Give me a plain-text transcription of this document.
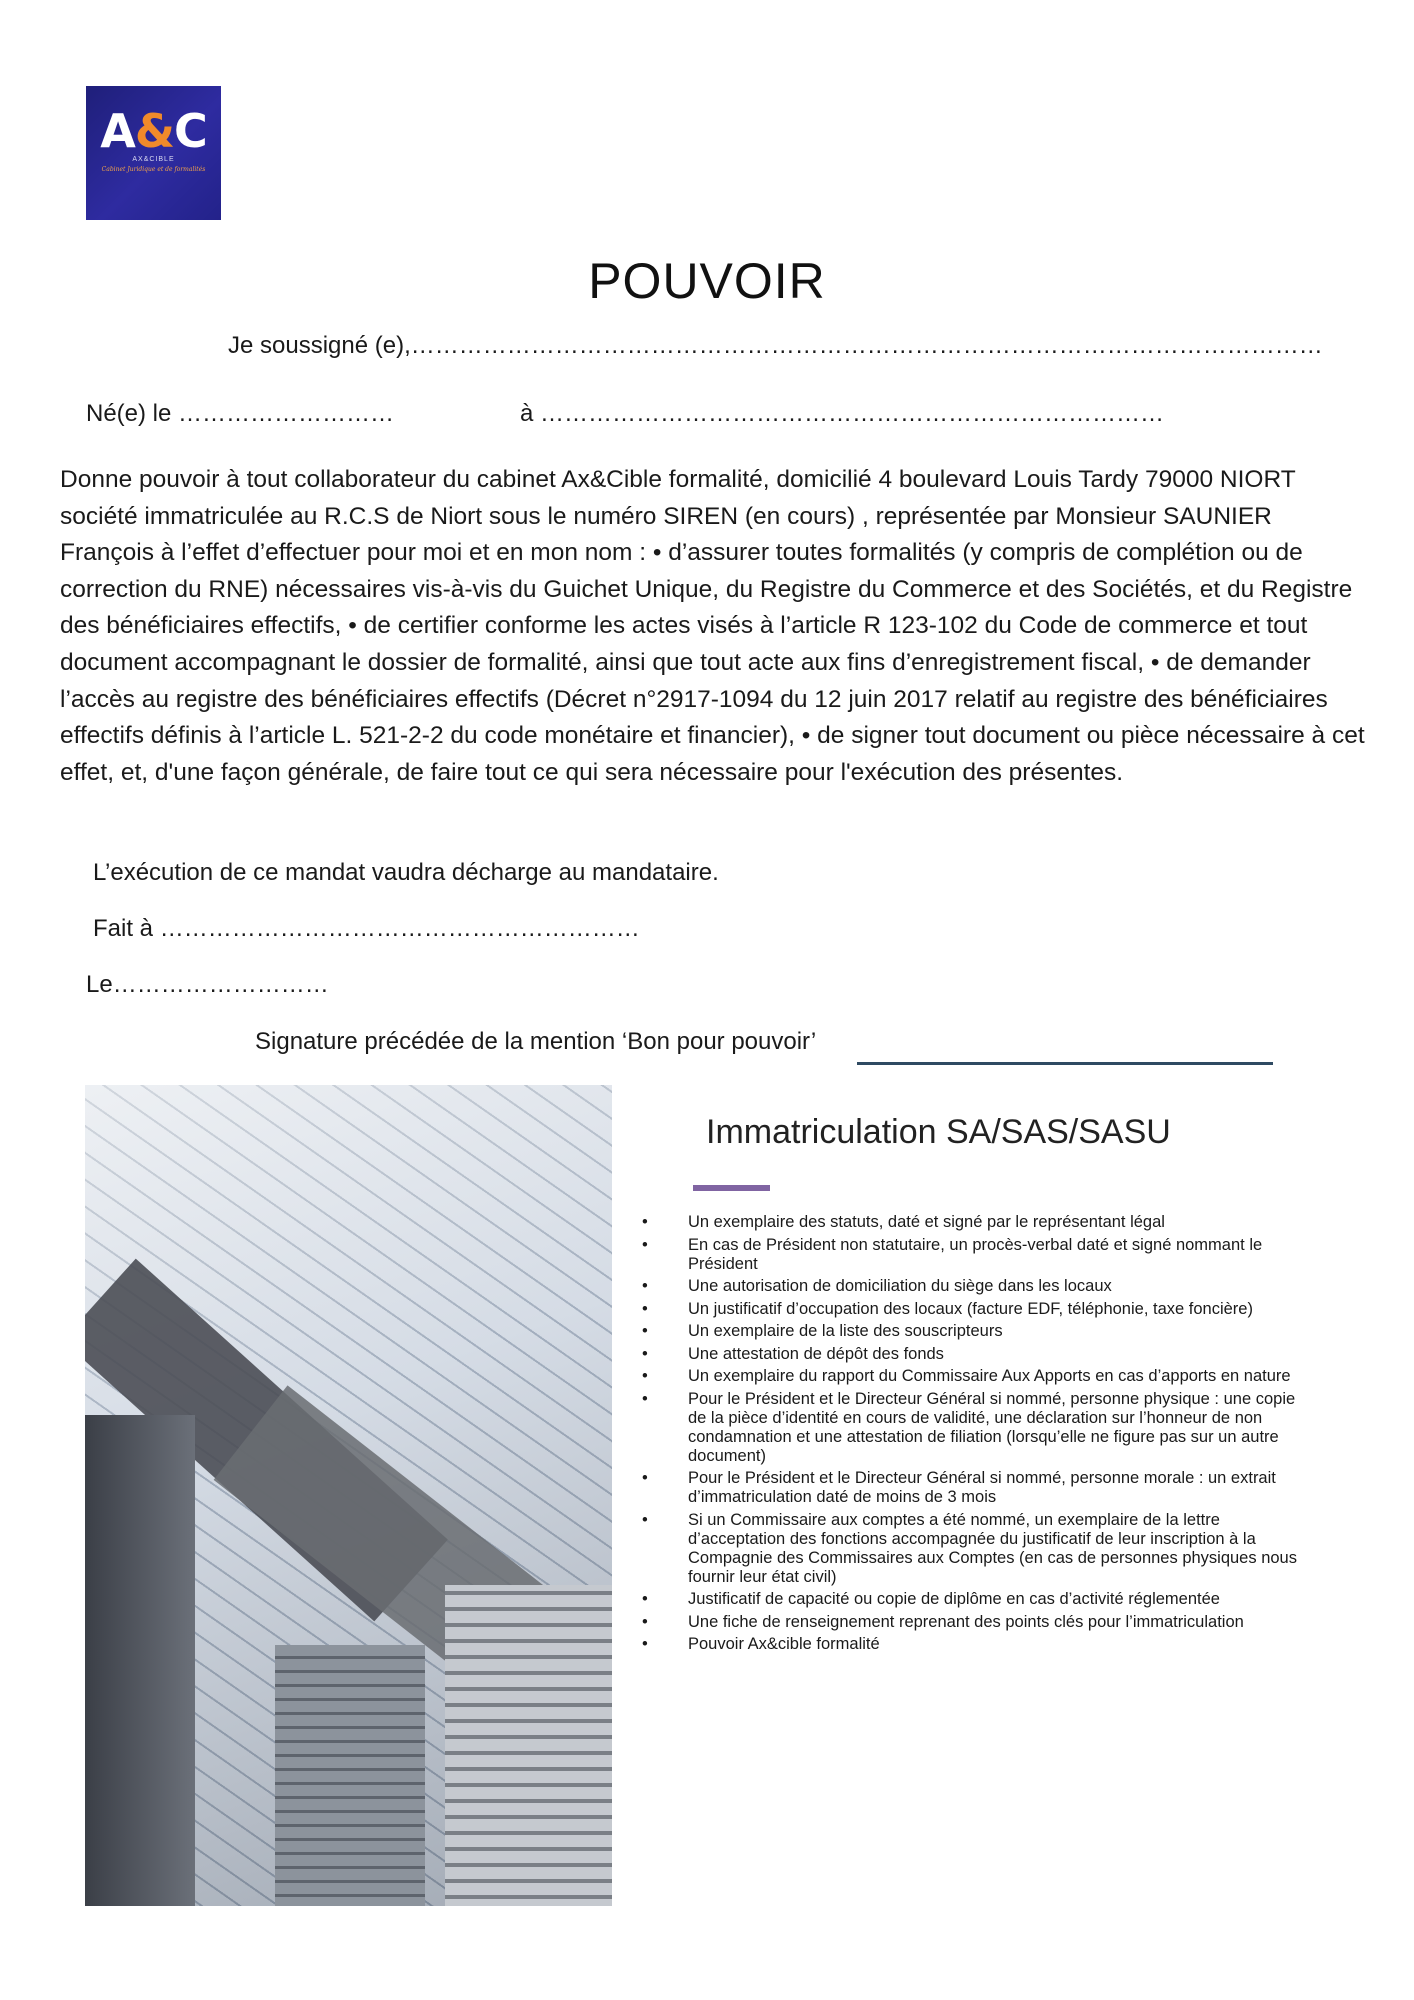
A&C
AX&CIBLE
Cabinet Juridique et de formalités
POUVOIR
Je soussigné (e),……………………………………………………………………………………………………
Né(e) le ………………………	à ……………………………………………………………………
Donne pouvoir à tout collaborateur du cabinet Ax&Cible formalité, domicilié 4 boulevard Louis Tardy 79000 NIORT société immatriculée au R.C.S de Niort sous le numéro SIREN (en cours) , représentée par Monsieur SAUNIER François à l’effet d’effectuer pour moi et en mon nom : • d’assurer toutes formalités (y compris de complétion ou de correction du RNE) nécessaires vis-à-vis du Guichet Unique, du Registre du Commerce et des Sociétés, et du Registre des bénéficiaires effectifs, • de certifier conforme les actes visés à l’article R 123-102 du Code de commerce et tout document accompagnant le dossier de formalité, ainsi que tout acte aux fins d’enregistrement fiscal, • de demander l’accès au registre des bénéficiaires effectifs (Décret n°2917-1094 du 12 juin 2017 relatif au registre des bénéficiaires effectifs définis à l’article L. 521-2-2 du code monétaire et financier), • de signer tout document ou pièce nécessaire à cet effet, et, d'une façon générale, de faire tout ce qui sera nécessaire pour l'exécution des présentes.
L’exécution de ce mandat vaudra décharge au mandataire.
Fait à ……………………………………………………
Le………………………
Signature précédée de la mention ‘Bon pour pouvoir’
Immatriculation SA/SAS/SASU
• Un exemplaire des statuts, daté et signé par le représentant légal
• En cas de Président non statutaire, un procès-verbal daté et signé nommant le Président
• Une autorisation de domiciliation du siège dans les locaux
• Un justificatif d’occupation des locaux (facture EDF, téléphonie, taxe foncière)
• Un exemplaire de la liste des souscripteurs
• Une attestation de dépôt des fonds
• Un exemplaire du rapport du Commissaire Aux Apports en cas d’apports en nature
• Pour le Président et le Directeur Général si nommé, personne physique : une copie de la pièce d’identité en cours de validité, une déclaration sur l’honneur de non condamnation et une attestation de filiation (lorsqu’elle ne figure pas sur un autre document)
• Pour le Président et le Directeur Général si nommé, personne morale : un extrait d’immatriculation daté de moins de 3 mois
• Si un Commissaire aux comptes a été nommé, un exemplaire de la lettre d’acceptation des fonctions accompagnée du justificatif de leur inscription à la Compagnie des Commissaires aux Comptes (en cas de personnes physiques nous fournir leur état civil)
• Justificatif de capacité ou copie de diplôme en cas d’activité réglementée
• Une fiche de renseignement reprenant des points clés pour l’immatriculation
• Pouvoir Ax&cible formalité
